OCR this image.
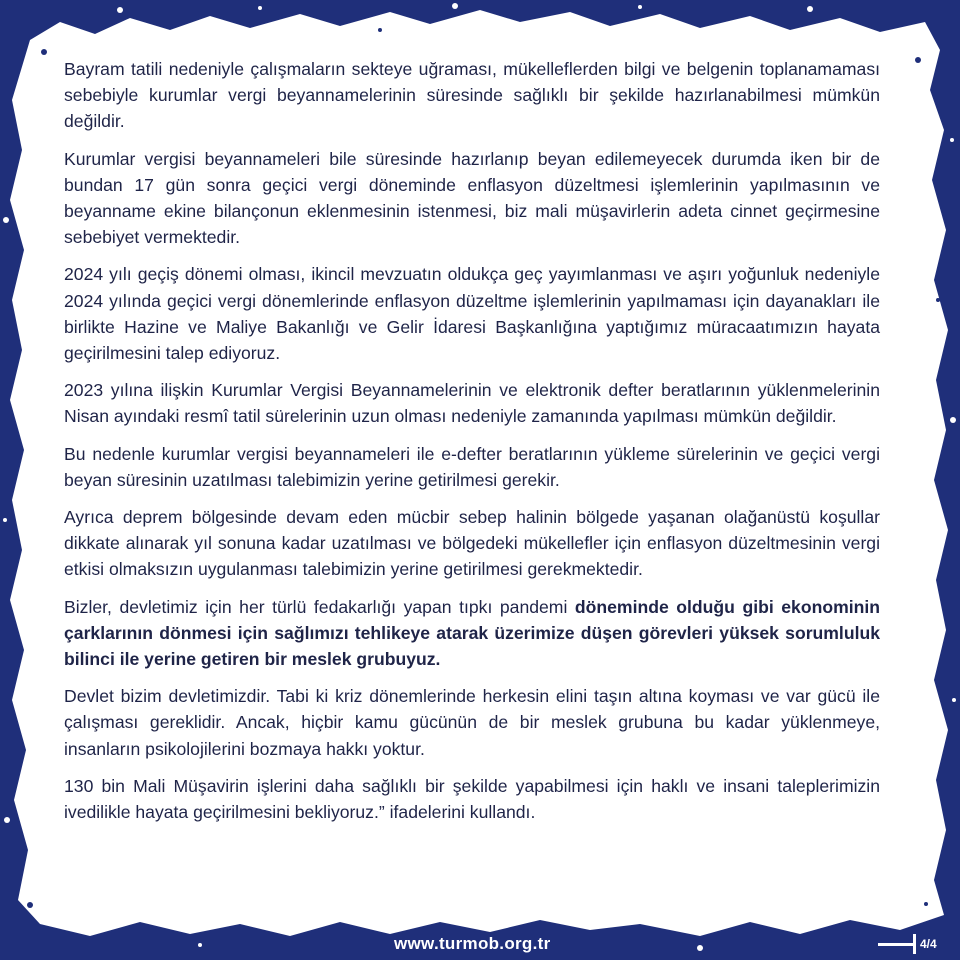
Bayram tatili nedeniyle çalışmaların sekteye uğraması, mükelleflerden bilgi ve belgenin toplanamaması sebebiyle kurumlar vergi beyannamelerinin süresinde sağlıklı bir şekilde hazırlanabilmesi mümkün değildir.

Kurumlar vergisi beyannameleri bile süresinde hazırlanıp beyan edilemeyecek durumda iken bir de bundan 17 gün sonra geçici vergi döneminde enflasyon düzeltmesi işlemlerinin yapılmasının ve beyanname ekine bilançonun eklenmesinin istenmesi, biz mali müşavirlerin adeta cinnet geçirmesine sebebiyet vermektedir.

2024 yılı geçiş dönemi olması, ikincil mevzuatın oldukça geç yayımlanması ve aşırı yoğunluk nedeniyle 2024 yılında geçici vergi dönemlerinde enflasyon düzeltme işlemlerinin yapılmaması için dayanakları ile birlikte Hazine ve Maliye Bakanlığı ve Gelir İdaresi Başkanlığına yaptığımız müracaatımızın hayata geçirilmesini talep ediyoruz.

2023 yılına ilişkin Kurumlar Vergisi Beyannamelerinin ve elektronik defter beratlarının yüklenmelerinin Nisan ayındaki resmî tatil sürelerinin uzun olması nedeniyle zamanında yapılması mümkün değildir.

Bu nedenle kurumlar vergisi beyannameleri ile e-defter beratlarının yükleme sürelerinin ve geçici vergi beyan süresinin uzatılması talebimizin yerine getirilmesi gerekir.

Ayrıca deprem bölgesinde devam eden mücbir sebep halinin bölgede yaşanan olağanüstü koşullar dikkate alınarak yıl sonuna kadar uzatılması ve bölgedeki mükellefler için enflasyon düzeltmesinin vergi etkisi olmaksızın uygulanması talebimizin yerine getirilmesi gerekmektedir.

Bizler, devletimiz için her türlü fedakarlığı yapan tıpkı pandemi döneminde olduğu gibi ekonominin çarklarının dönmesi için sağlımızı tehlikeye atarak üzerimize düşen görevleri yüksek sorumluluk bilinci ile yerine getiren bir meslek grubuyuz.

Devlet bizim devletimizdir. Tabi ki kriz dönemlerinde herkesin elini taşın altına koyması ve var gücü ile çalışması gereklidir. Ancak, hiçbir kamu gücünün de bir meslek grubuna bu kadar yüklenmeye, insanların psikolojilerini bozmaya hakkı yoktur.

130 bin Mali Müşavirin işlerini daha sağlıklı bir şekilde yapabilmesi için haklı ve insani taleplerimizin ivedilikle hayata geçirilmesini bekliyoruz.” ifadelerini kullandı.

www.turmob.org.tr	4/4
